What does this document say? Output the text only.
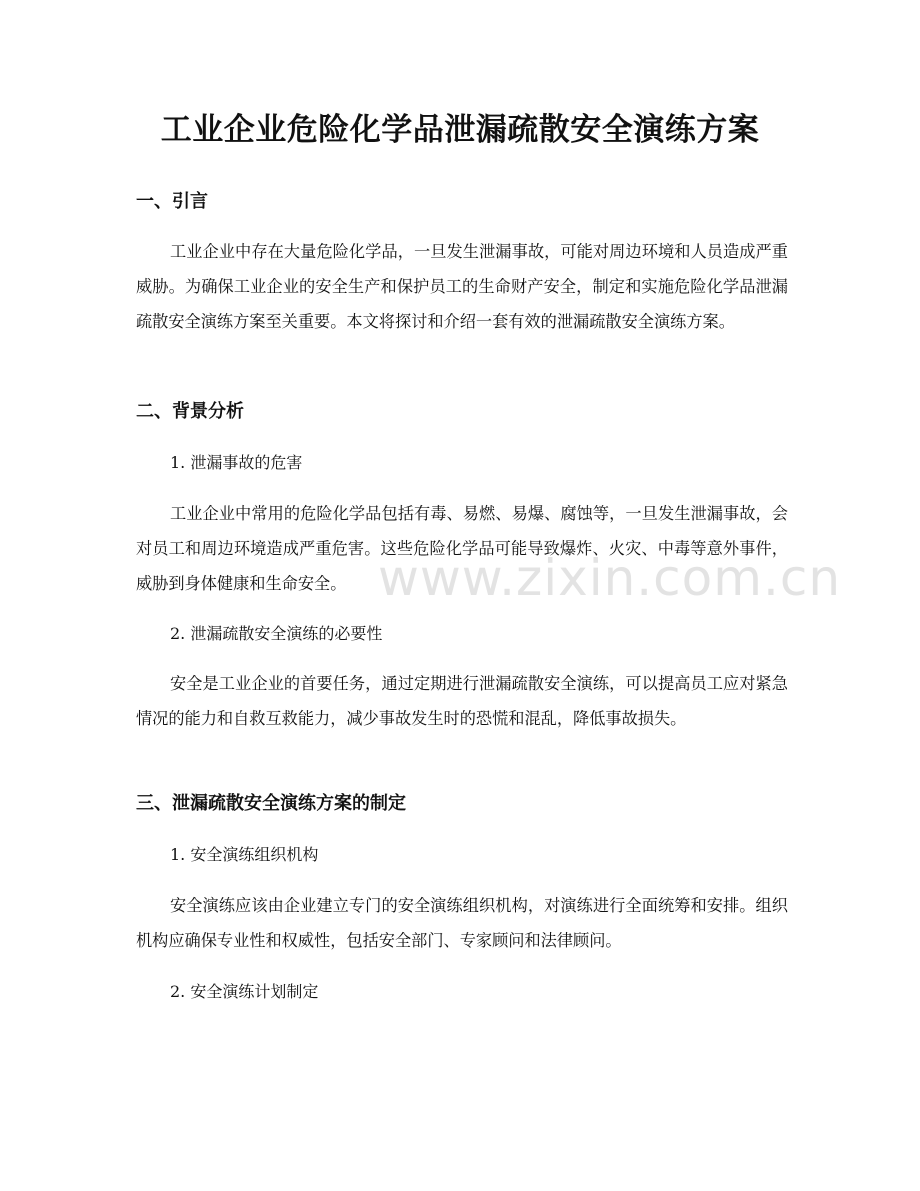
www.zixin.com.cn
工业企业危险化学品泄漏疏散安全演练方案
一、引言

工业企业中存在大量危险化学品，一旦发生泄漏事故，可能对周边环境和人员造成严重威胁。为确保工业企业的安全生产和保护员工的生命财产安全，制定和实施危险化学品泄漏疏散安全演练方案至关重要。本文将探讨和介绍一套有效的泄漏疏散安全演练方案。

二、背景分析

1. 泄漏事故的危害

工业企业中常用的危险化学品包括有毒、易燃、易爆、腐蚀等，一旦发生泄漏事故，会对员工和周边环境造成严重危害。这些危险化学品可能导致爆炸、火灾、中毒等意外事件，威胁到身体健康和生命安全。

2. 泄漏疏散安全演练的必要性

安全是工业企业的首要任务，通过定期进行泄漏疏散安全演练，可以提高员工应对紧急情况的能力和自救互救能力，减少事故发生时的恐慌和混乱，降低事故损失。

三、泄漏疏散安全演练方案的制定

1. 安全演练组织机构

安全演练应该由企业建立专门的安全演练组织机构，对演练进行全面统筹和安排。组织机构应确保专业性和权威性，包括安全部门、专家顾问和法律顾问。

2. 安全演练计划制定
